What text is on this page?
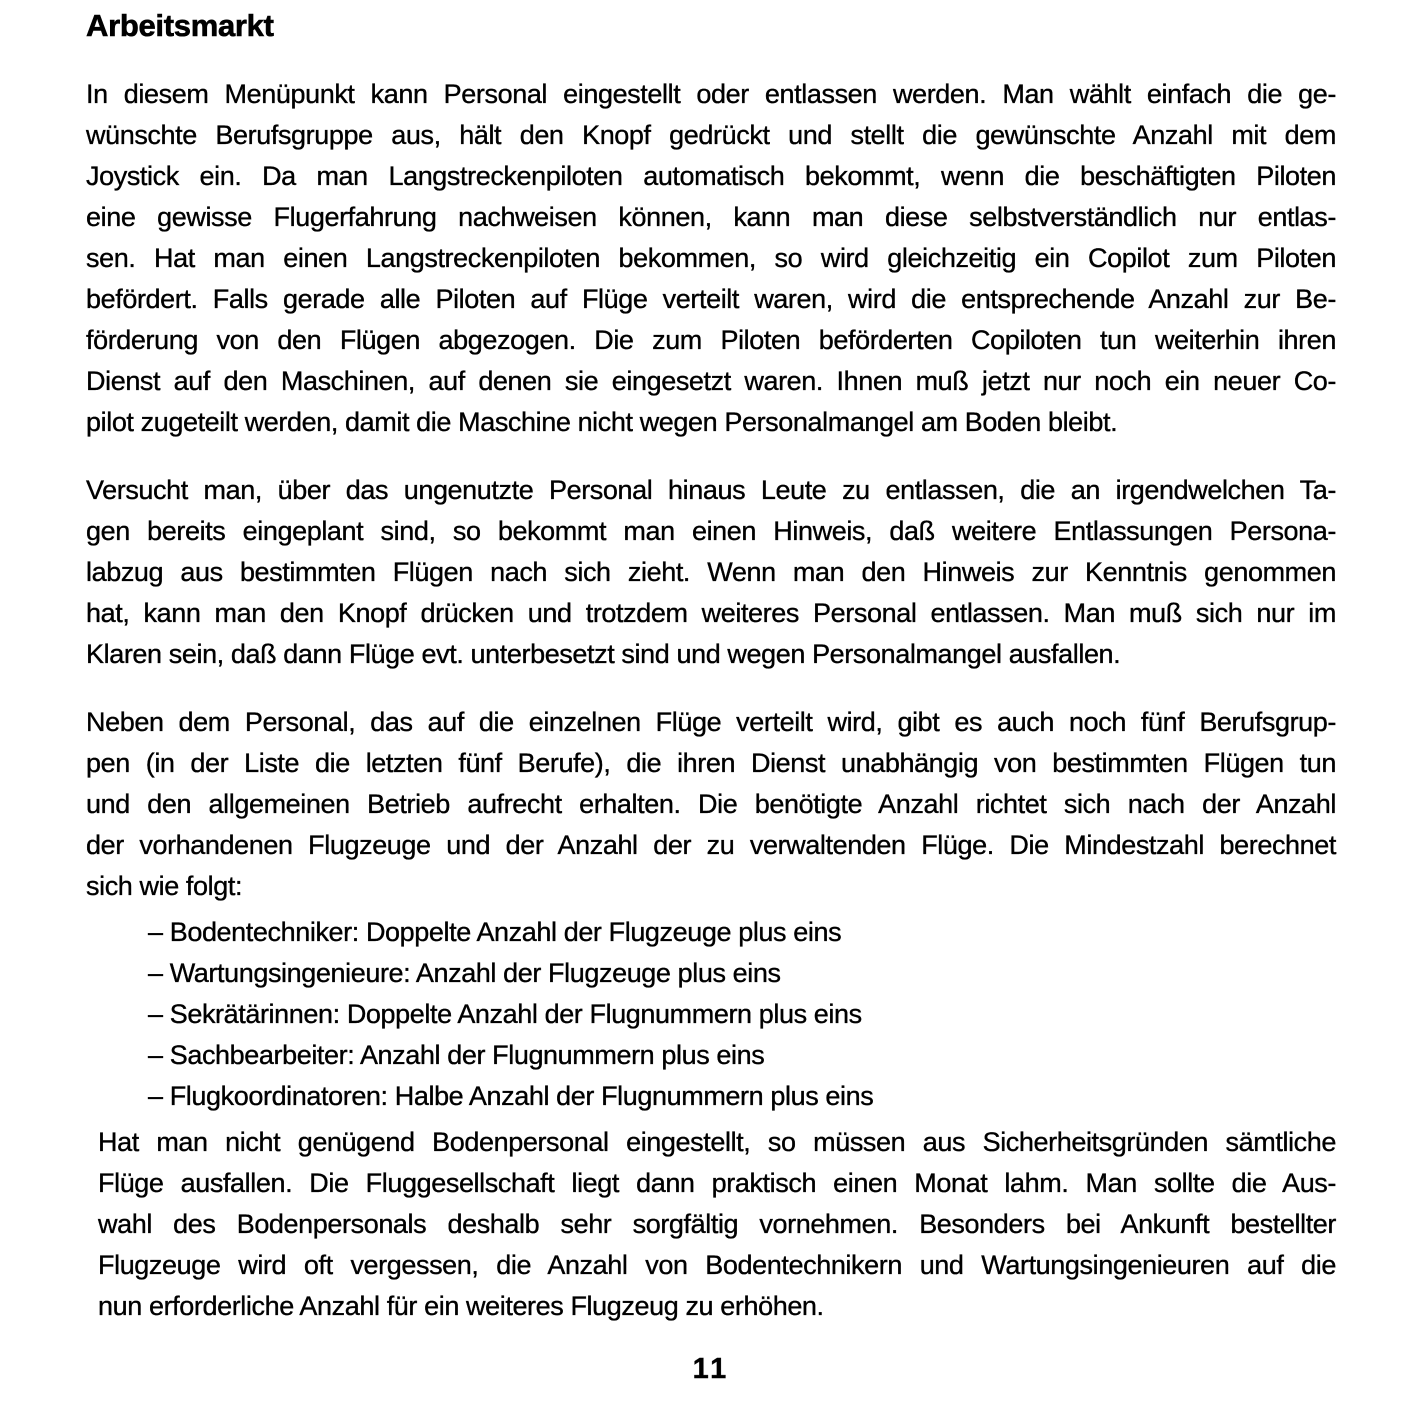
Arbeitsmarkt
In diesem Menüpunkt kann Personal eingestellt oder entlassen werden. Man wählt einfach die ge-
wünschte Berufsgruppe aus, hält den Knopf gedrückt und stellt die gewünschte Anzahl mit dem
Joystick ein. Da man Langstreckenpiloten automatisch bekommt, wenn die beschäftigten Piloten
eine gewisse Flugerfahrung nachweisen können, kann man diese selbstverständlich nur entlas-
sen. Hat man einen Langstreckenpiloten bekommen, so wird gleichzeitig ein Copilot zum Piloten
befördert. Falls gerade alle Piloten auf Flüge verteilt waren, wird die entsprechende Anzahl zur Be-
förderung von den Flügen abgezogen. Die zum Piloten beförderten Copiloten tun weiterhin ihren
Dienst auf den Maschinen, auf denen sie eingesetzt waren. Ihnen muß jetzt nur noch ein neuer Co-
pilot zugeteilt werden, damit die Maschine nicht wegen Personalmangel am Boden bleibt.
Versucht man, über das ungenutzte Personal hinaus Leute zu entlassen, die an irgendwelchen Ta-
gen bereits eingeplant sind, so bekommt man einen Hinweis, daß weitere Entlassungen Persona-
labzug aus bestimmten Flügen nach sich zieht. Wenn man den Hinweis zur Kenntnis genommen
hat, kann man den Knopf drücken und trotzdem weiteres Personal entlassen. Man muß sich nur im
Klaren sein, daß dann Flüge evt. unterbesetzt sind und wegen Personalmangel ausfallen.
Neben dem Personal, das auf die einzelnen Flüge verteilt wird, gibt es auch noch fünf Berufsgrup-
pen (in der Liste die letzten fünf Berufe), die ihren Dienst unabhängig von bestimmten Flügen tun
und den allgemeinen Betrieb aufrecht erhalten. Die benötigte Anzahl richtet sich nach der Anzahl
der vorhandenen Flugzeuge und der Anzahl der zu verwaltenden Flüge. Die Mindestzahl berechnet
sich wie folgt:
– Bodentechniker: Doppelte Anzahl der Flugzeuge plus eins
– Wartungsingenieure: Anzahl der Flugzeuge plus eins
– Sekrätärinnen: Doppelte Anzahl der Flugnummern plus eins
– Sachbearbeiter: Anzahl der Flugnummern plus eins
– Flugkoordinatoren: Halbe Anzahl der Flugnummern plus eins
Hat man nicht genügend Bodenpersonal eingestellt, so müssen aus Sicherheitsgründen sämtliche
Flüge ausfallen. Die Fluggesellschaft liegt dann praktisch einen Monat lahm. Man sollte die Aus-
wahl des Bodenpersonals deshalb sehr sorgfältig vornehmen. Besonders bei Ankunft bestellter
Flugzeuge wird oft vergessen, die Anzahl von Bodentechnikern und Wartungsingenieuren auf die
nun erforderliche Anzahl für ein weiteres Flugzeug zu erhöhen.
11
